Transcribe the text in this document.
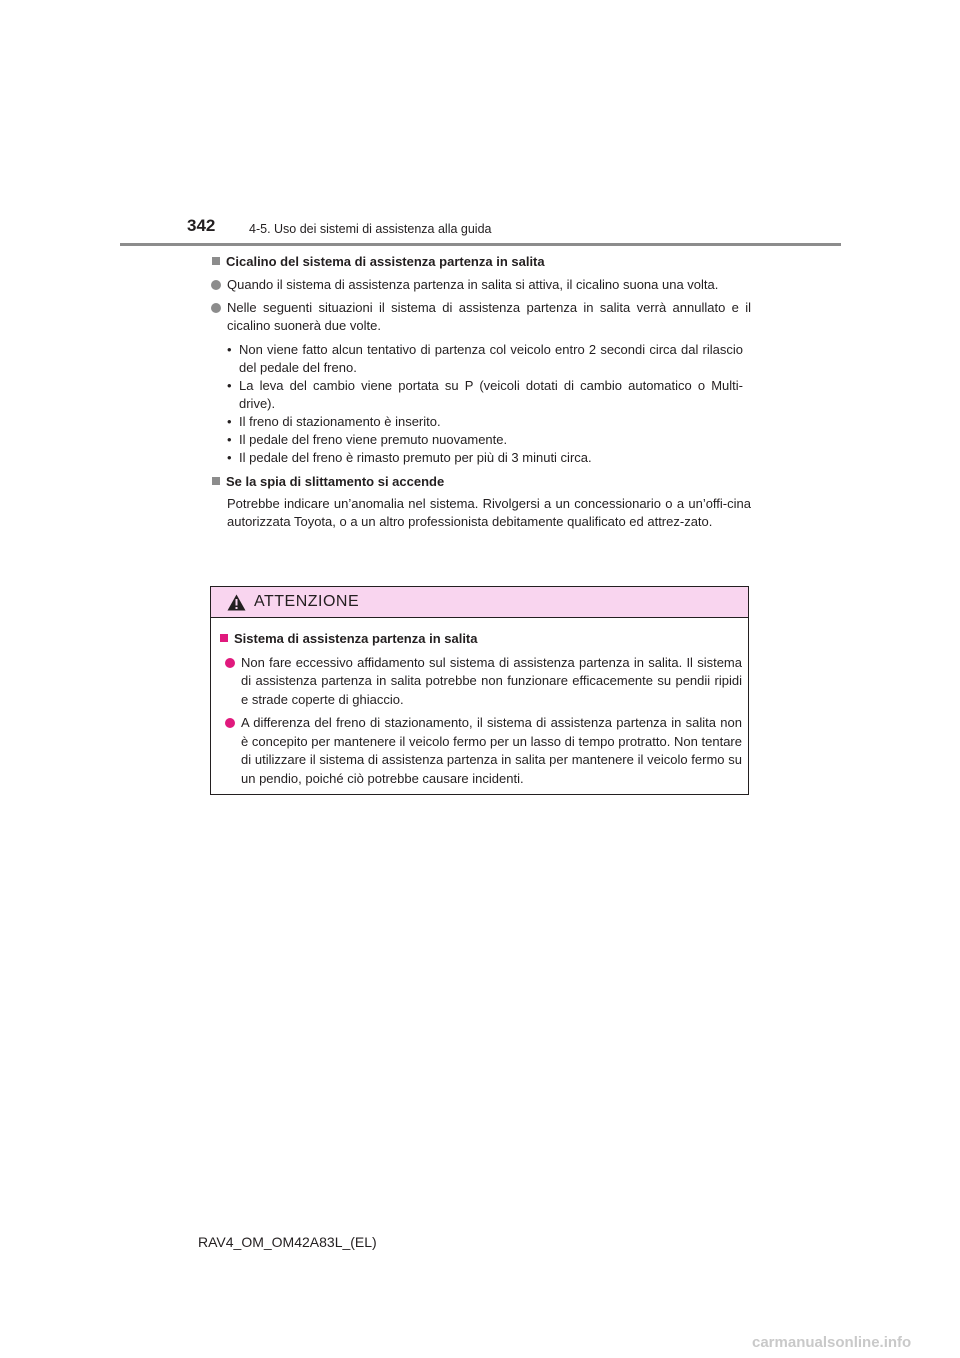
342	4-5. Uso dei sistemi di assistenza alla guida
Cicalino del sistema di assistenza partenza in salita
Quando il sistema di assistenza partenza in salita si attiva, il cicalino suona una volta.
Nelle seguenti situazioni il sistema di assistenza partenza in salita verrà annullato e il cicalino suonerà due volte.
• Non viene fatto alcun tentativo di partenza col veicolo entro 2 secondi circa dal rilascio del pedale del freno.
• La leva del cambio viene portata su P (veicoli dotati di cambio automatico o Multi-drive).
• Il freno di stazionamento è inserito.
• Il pedale del freno viene premuto nuovamente.
• Il pedale del freno è rimasto premuto per più di 3 minuti circa.
Se la spia di slittamento si accende
Potrebbe indicare un’anomalia nel sistema. Rivolgersi a un concessionario o a un’offi-cina autorizzata Toyota, o a un altro professionista debitamente qualificato ed attrez-zato.
ATTENZIONE
Sistema di assistenza partenza in salita
Non fare eccessivo affidamento sul sistema di assistenza partenza in salita. Il sistema di assistenza partenza in salita potrebbe non funzionare efficacemente su pendii ripidi e strade coperte di ghiaccio.
A differenza del freno di stazionamento, il sistema di assistenza partenza in salita non è concepito per mantenere il veicolo fermo per un lasso di tempo protratto. Non tentare di utilizzare il sistema di assistenza partenza in salita per mantenere il veicolo fermo su un pendio, poiché ciò potrebbe causare incidenti.
RAV4_OM_OM42A83L_(EL)
carmanualsonline.info
